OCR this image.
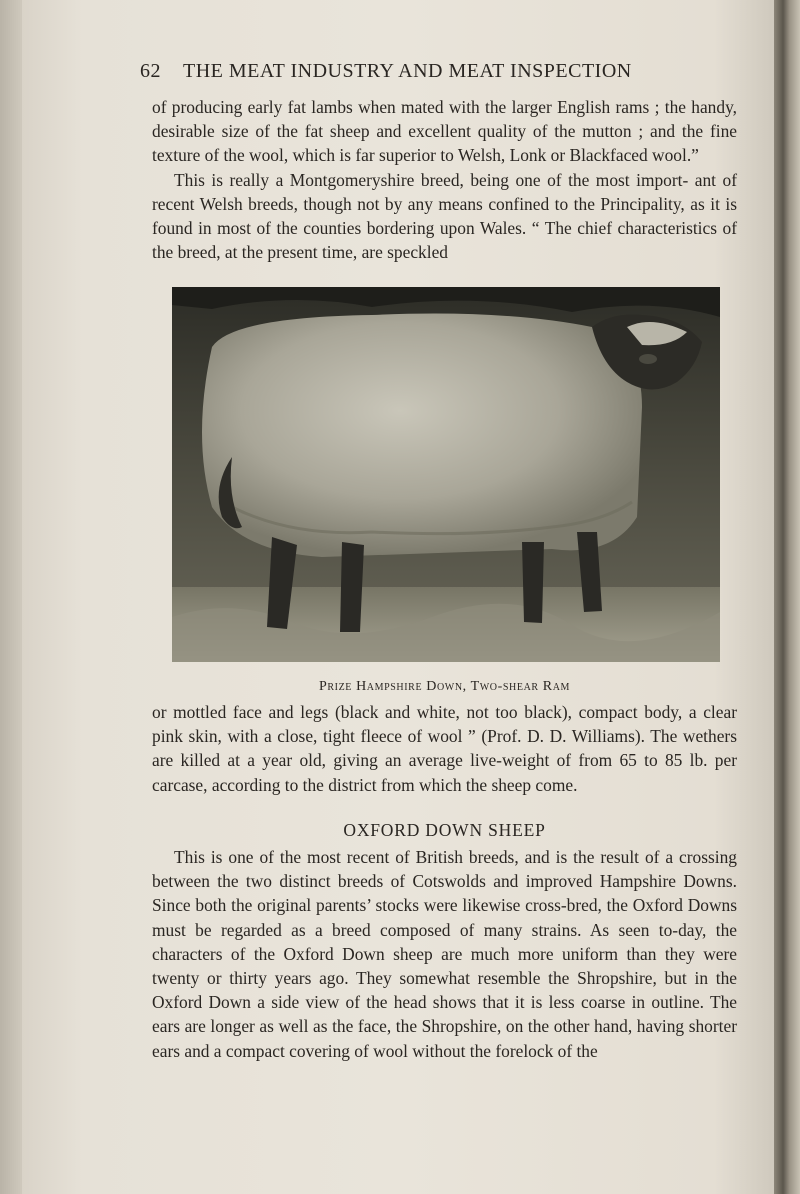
62 THE MEAT INDUSTRY AND MEAT INSPECTION

of producing early fat lambs when mated with the larger English rams ; the handy, desirable size of the fat sheep and excellent quality of the mutton ; and the fine texture of the wool, which is far superior to Welsh, Lonk or Blackfaced wool.”

This is really a Montgomeryshire breed, being one of the most import- ant of recent Welsh breeds, though not by any means confined to the Principality, as it is found in most of the counties bordering upon Wales. “ The chief characteristics of the breed, at the present time, are speckled

Prize Hampshire Down, Two-shear Ram

or mottled face and legs (black and white, not too black), compact body, a clear pink skin, with a close, tight fleece of wool ” (Prof. D. D. Williams). The wethers are killed at a year old, giving an average live-weight of from 65 to 85 lb. per carcase, according to the district from which the sheep come.

OXFORD DOWN SHEEP

This is one of the most recent of British breeds, and is the result of a crossing between the two distinct breeds of Cotswolds and improved Hampshire Downs. Since both the original parents’ stocks were likewise cross-bred, the Oxford Downs must be regarded as a breed composed of many strains. As seen to-day, the characters of the Oxford Down sheep are much more uniform than they were twenty or thirty years ago. They somewhat resemble the Shropshire, but in the Oxford Down a side view of the head shows that it is less coarse in outline. The ears are longer as well as the face, the Shropshire, on the other hand, having shorter ears and a compact covering of wool without the forelock of the
